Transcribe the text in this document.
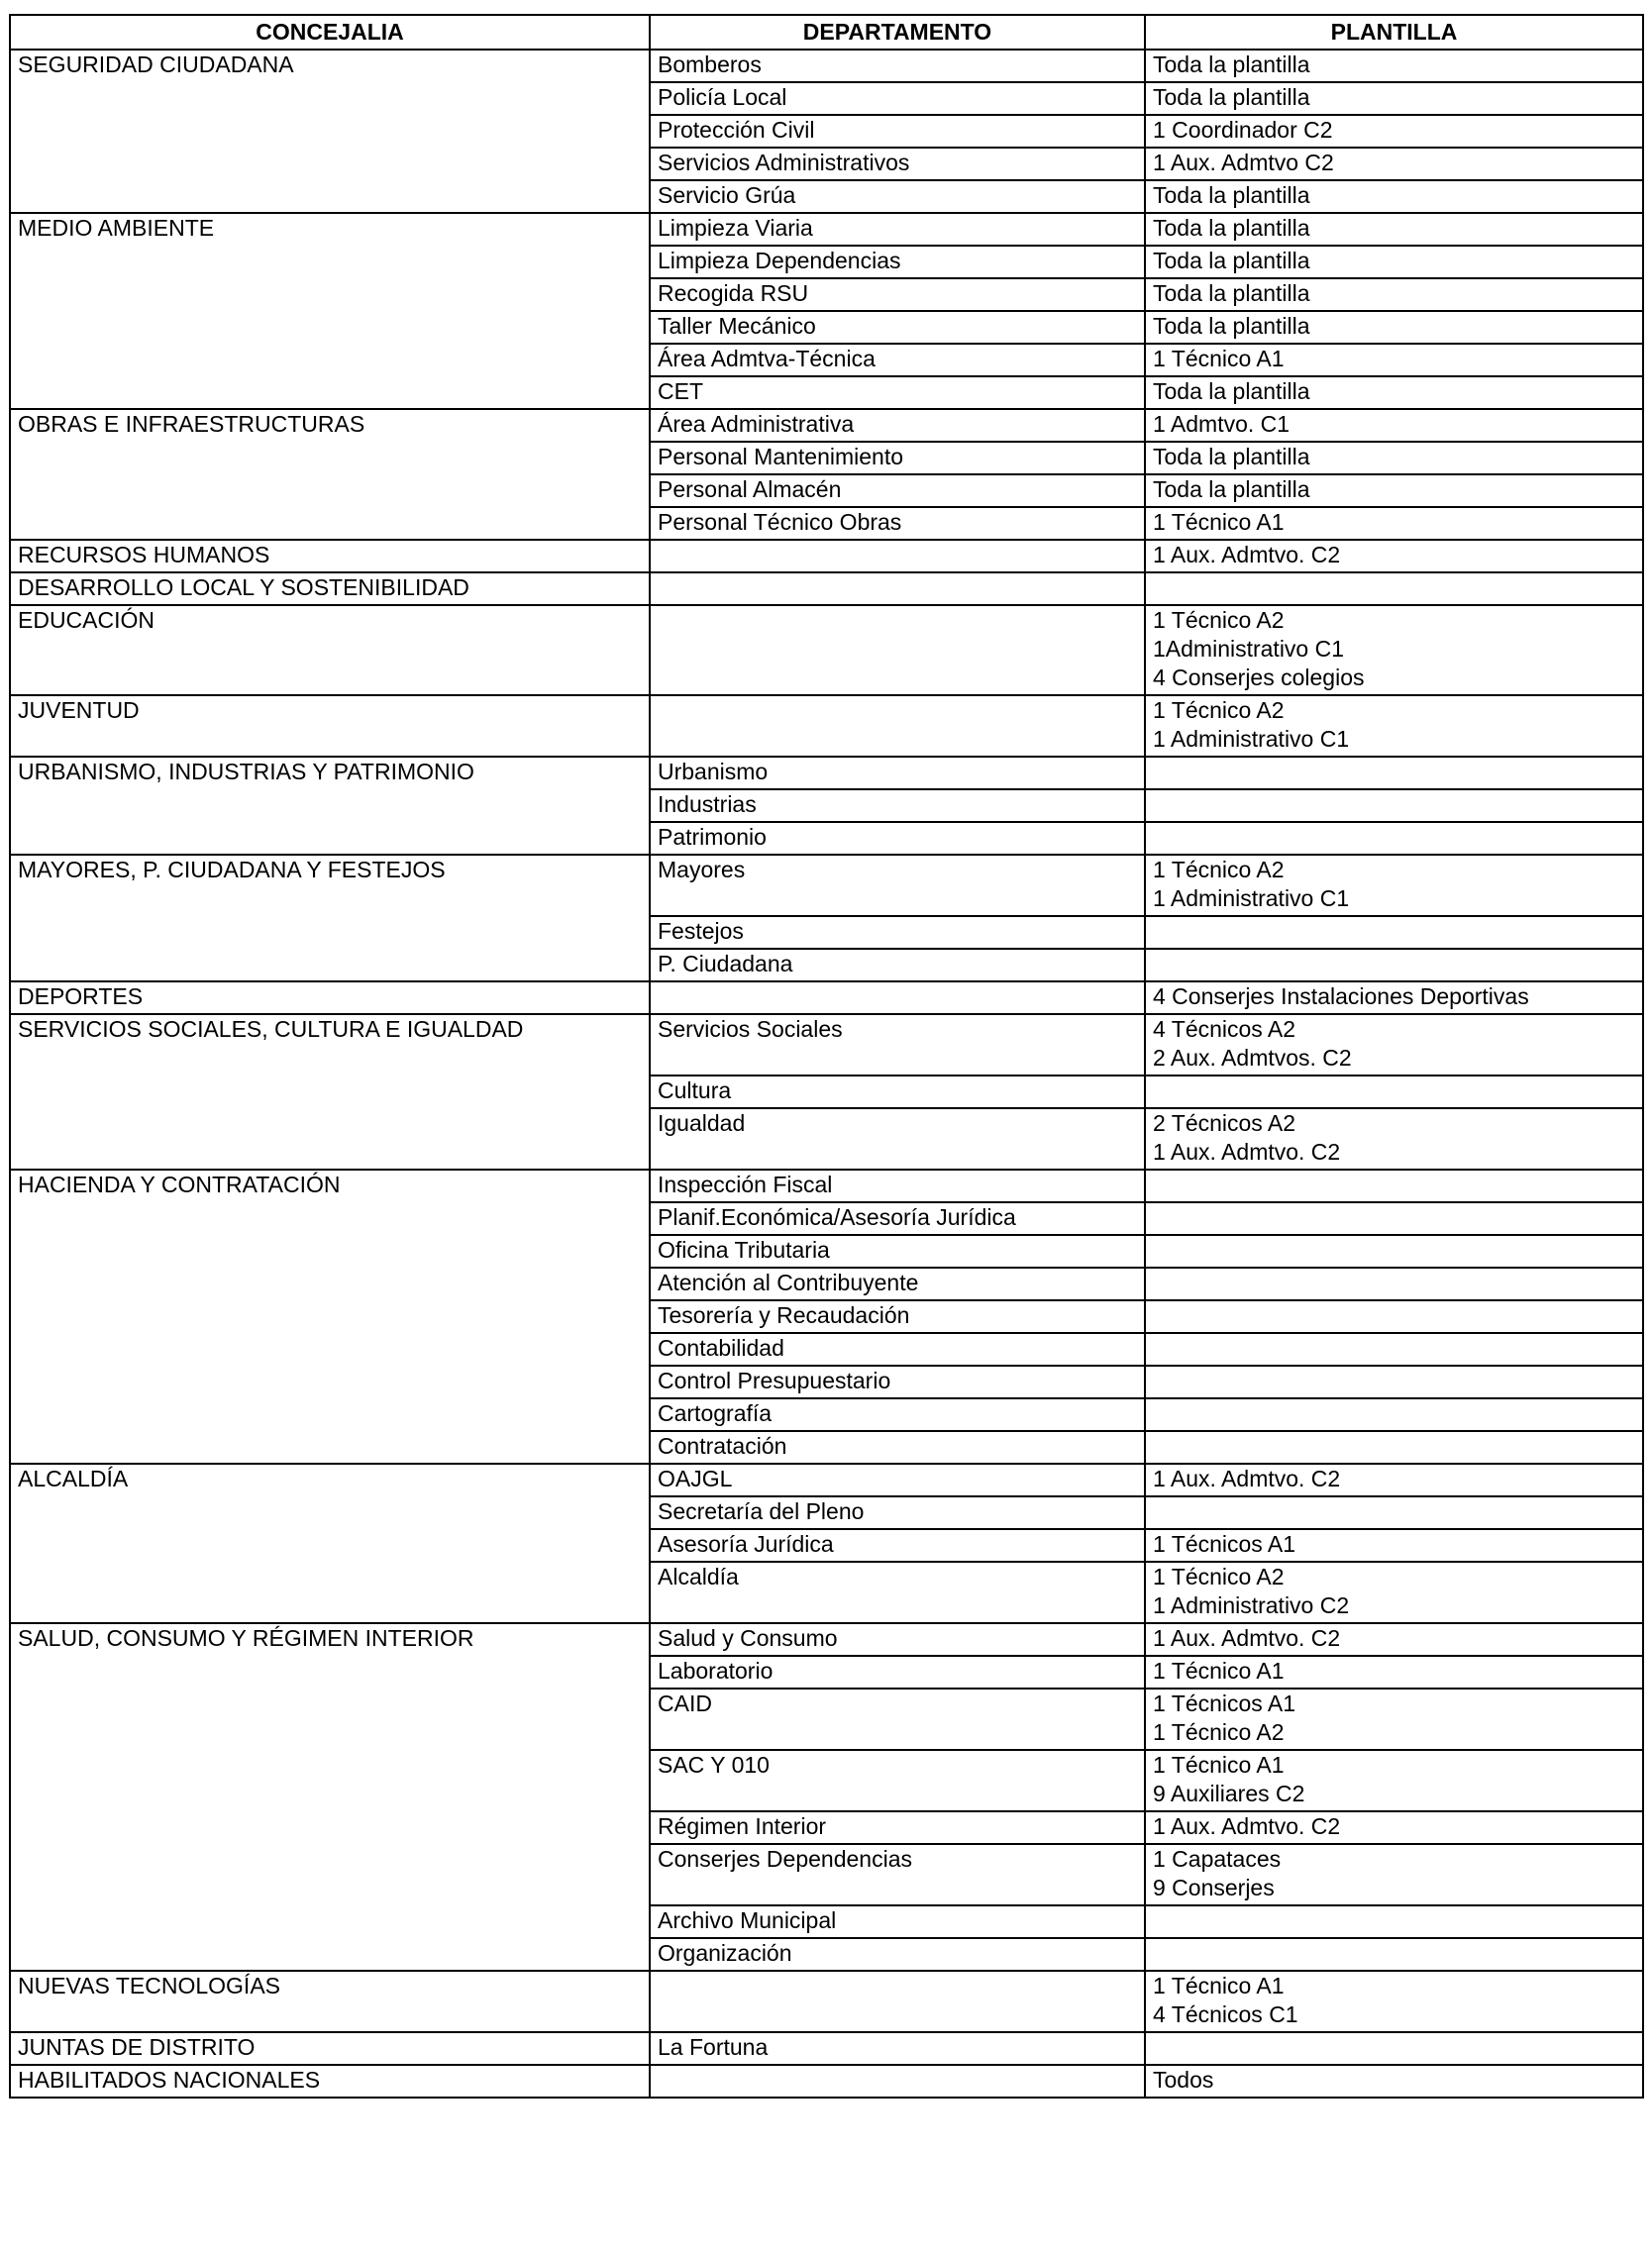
CONCEJALIA	DEPARTAMENTO	PLANTILLA
SEGURIDAD CIUDADANA	Bomberos	Toda la plantilla
	Policía Local	Toda la plantilla
	Protección Civil	1 Coordinador C2
	Servicios Administrativos	1 Aux. Admtvo C2
	Servicio Grúa	Toda la plantilla
MEDIO AMBIENTE	Limpieza Viaria	Toda la plantilla
	Limpieza Dependencias	Toda la plantilla
	Recogida RSU	Toda la plantilla
	Taller Mecánico	Toda la plantilla
	Área Admtva-Técnica	1 Técnico A1
	CET	Toda la plantilla
OBRAS E INFRAESTRUCTURAS	Área Administrativa	1 Admtvo. C1
	Personal Mantenimiento	Toda la plantilla
	Personal Almacén	Toda la plantilla
	Personal Técnico Obras	1 Técnico A1
RECURSOS HUMANOS		1 Aux. Admtvo. C2
DESARROLLO LOCAL Y SOSTENIBILIDAD		
EDUCACIÓN		1 Técnico A2
1Administrativo C1
4 Conserjes colegios
JUVENTUD		1 Técnico A2
1 Administrativo C1
URBANISMO, INDUSTRIAS Y PATRIMONIO	Urbanismo	
	Industrias	
	Patrimonio	
MAYORES, P. CIUDADANA Y FESTEJOS	Mayores	1 Técnico A2
1 Administrativo C1
	Festejos	
	P. Ciudadana	
DEPORTES		4 Conserjes Instalaciones Deportivas
SERVICIOS SOCIALES, CULTURA E IGUALDAD	Servicios Sociales	4 Técnicos A2
2 Aux. Admtvos. C2
	Cultura	
	Igualdad	2 Técnicos A2
1 Aux. Admtvo. C2
HACIENDA Y CONTRATACIÓN	Inspección Fiscal	
	Planif.Económica/Asesoría Jurídica	
	Oficina Tributaria	
	Atención al Contribuyente	
	Tesorería y Recaudación	
	Contabilidad	
	Control Presupuestario	
	Cartografía	
	Contratación	
ALCALDÍA	OAJGL	1 Aux. Admtvo. C2
	Secretaría del Pleno	
	Asesoría Jurídica	1 Técnicos A1
	Alcaldía	1 Técnico A2
1 Administrativo C2
SALUD, CONSUMO Y RÉGIMEN INTERIOR	Salud y Consumo	1 Aux. Admtvo. C2
	Laboratorio	1 Técnico A1
	CAID	1 Técnicos A1
1 Técnico A2
	SAC Y 010	1 Técnico A1
9 Auxiliares C2
	Régimen Interior	1 Aux. Admtvo. C2
	Conserjes Dependencias	1 Capataces
9 Conserjes
	Archivo Municipal	
	Organización	
NUEVAS TECNOLOGÍAS		1 Técnico A1
4 Técnicos C1
JUNTAS DE DISTRITO	La Fortuna	
HABILITADOS NACIONALES		Todos
